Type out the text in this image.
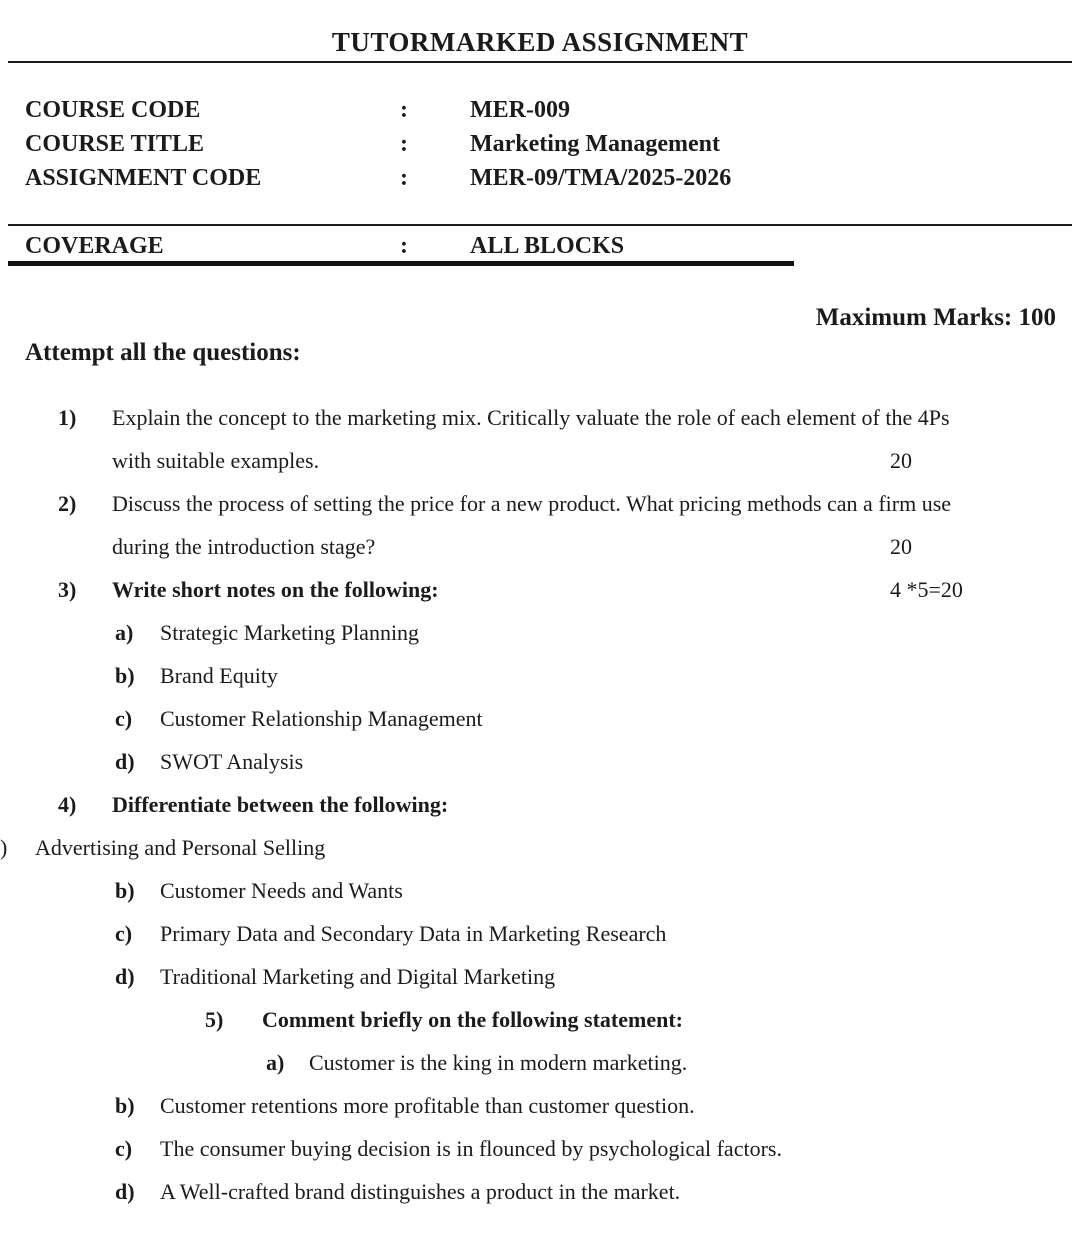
TUTORMARKED ASSIGNMENT
COURSE CODE	:	MER-009
COURSE TITLE	:	Marketing Management
ASSIGNMENT CODE	:	MER-09/TMA/2025-2026
COVERAGE	:	ALL BLOCKS
Maximum Marks: 100
Attempt all the questions:
1) Explain the concept to the marketing mix. Critically valuate the role of each element of the 4Ps
with suitable examples.	20
2) Discuss the process of setting the price for a new product. What pricing methods can a firm use
during the introduction stage?	20
3) Write short notes on the following:	4 *5=20
a) Strategic Marketing Planning
b) Brand Equity
c) Customer Relationship Management
d) SWOT Analysis
4) Differentiate between the following:
) Advertising and Personal Selling
b) Customer Needs and Wants
c) Primary Data and Secondary Data in Marketing Research
d) Traditional Marketing and Digital Marketing
5) Comment briefly on the following statement:
a) Customer is the king in modern marketing.
b) Customer retentions more profitable than customer question.
c) The consumer buying decision is in flounced by psychological factors.
d) A Well-crafted brand distinguishes a product in the market.
